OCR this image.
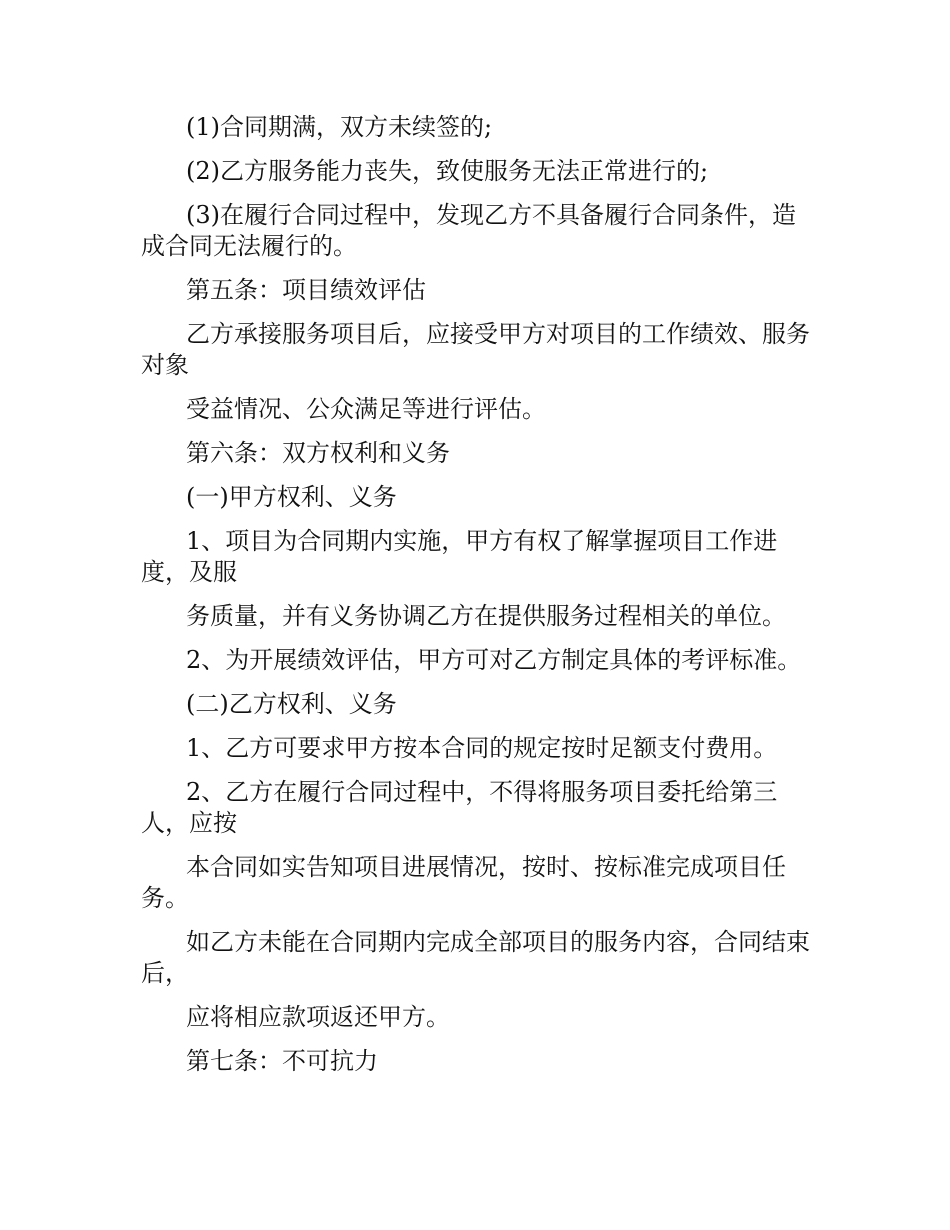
(1)合同期满，双方未续签的;

(2)乙方服务能力丧失，致使服务无法正常进行的;

(3)在履行合同过程中，发现乙方不具备履行合同条件，造成合同无法履行的。

第五条：项目绩效评估

乙方承接服务项目后，应接受甲方对项目的工作绩效、服务对象

受益情况、公众满足等进行评估。

第六条：双方权利和义务

(一)甲方权利、义务

1、项目为合同期内实施，甲方有权了解掌握项目工作进度，及服

务质量，并有义务协调乙方在提供服务过程相关的单位。

2、为开展绩效评估，甲方可对乙方制定具体的考评标准。

(二)乙方权利、义务

1、乙方可要求甲方按本合同的规定按时足额支付费用。

2、乙方在履行合同过程中，不得将服务项目委托给第三人，应按

本合同如实告知项目进展情况，按时、按标准完成项目任务。

如乙方未能在合同期内完成全部项目的服务内容，合同结束后，

应将相应款项返还甲方。

第七条：不可抗力
